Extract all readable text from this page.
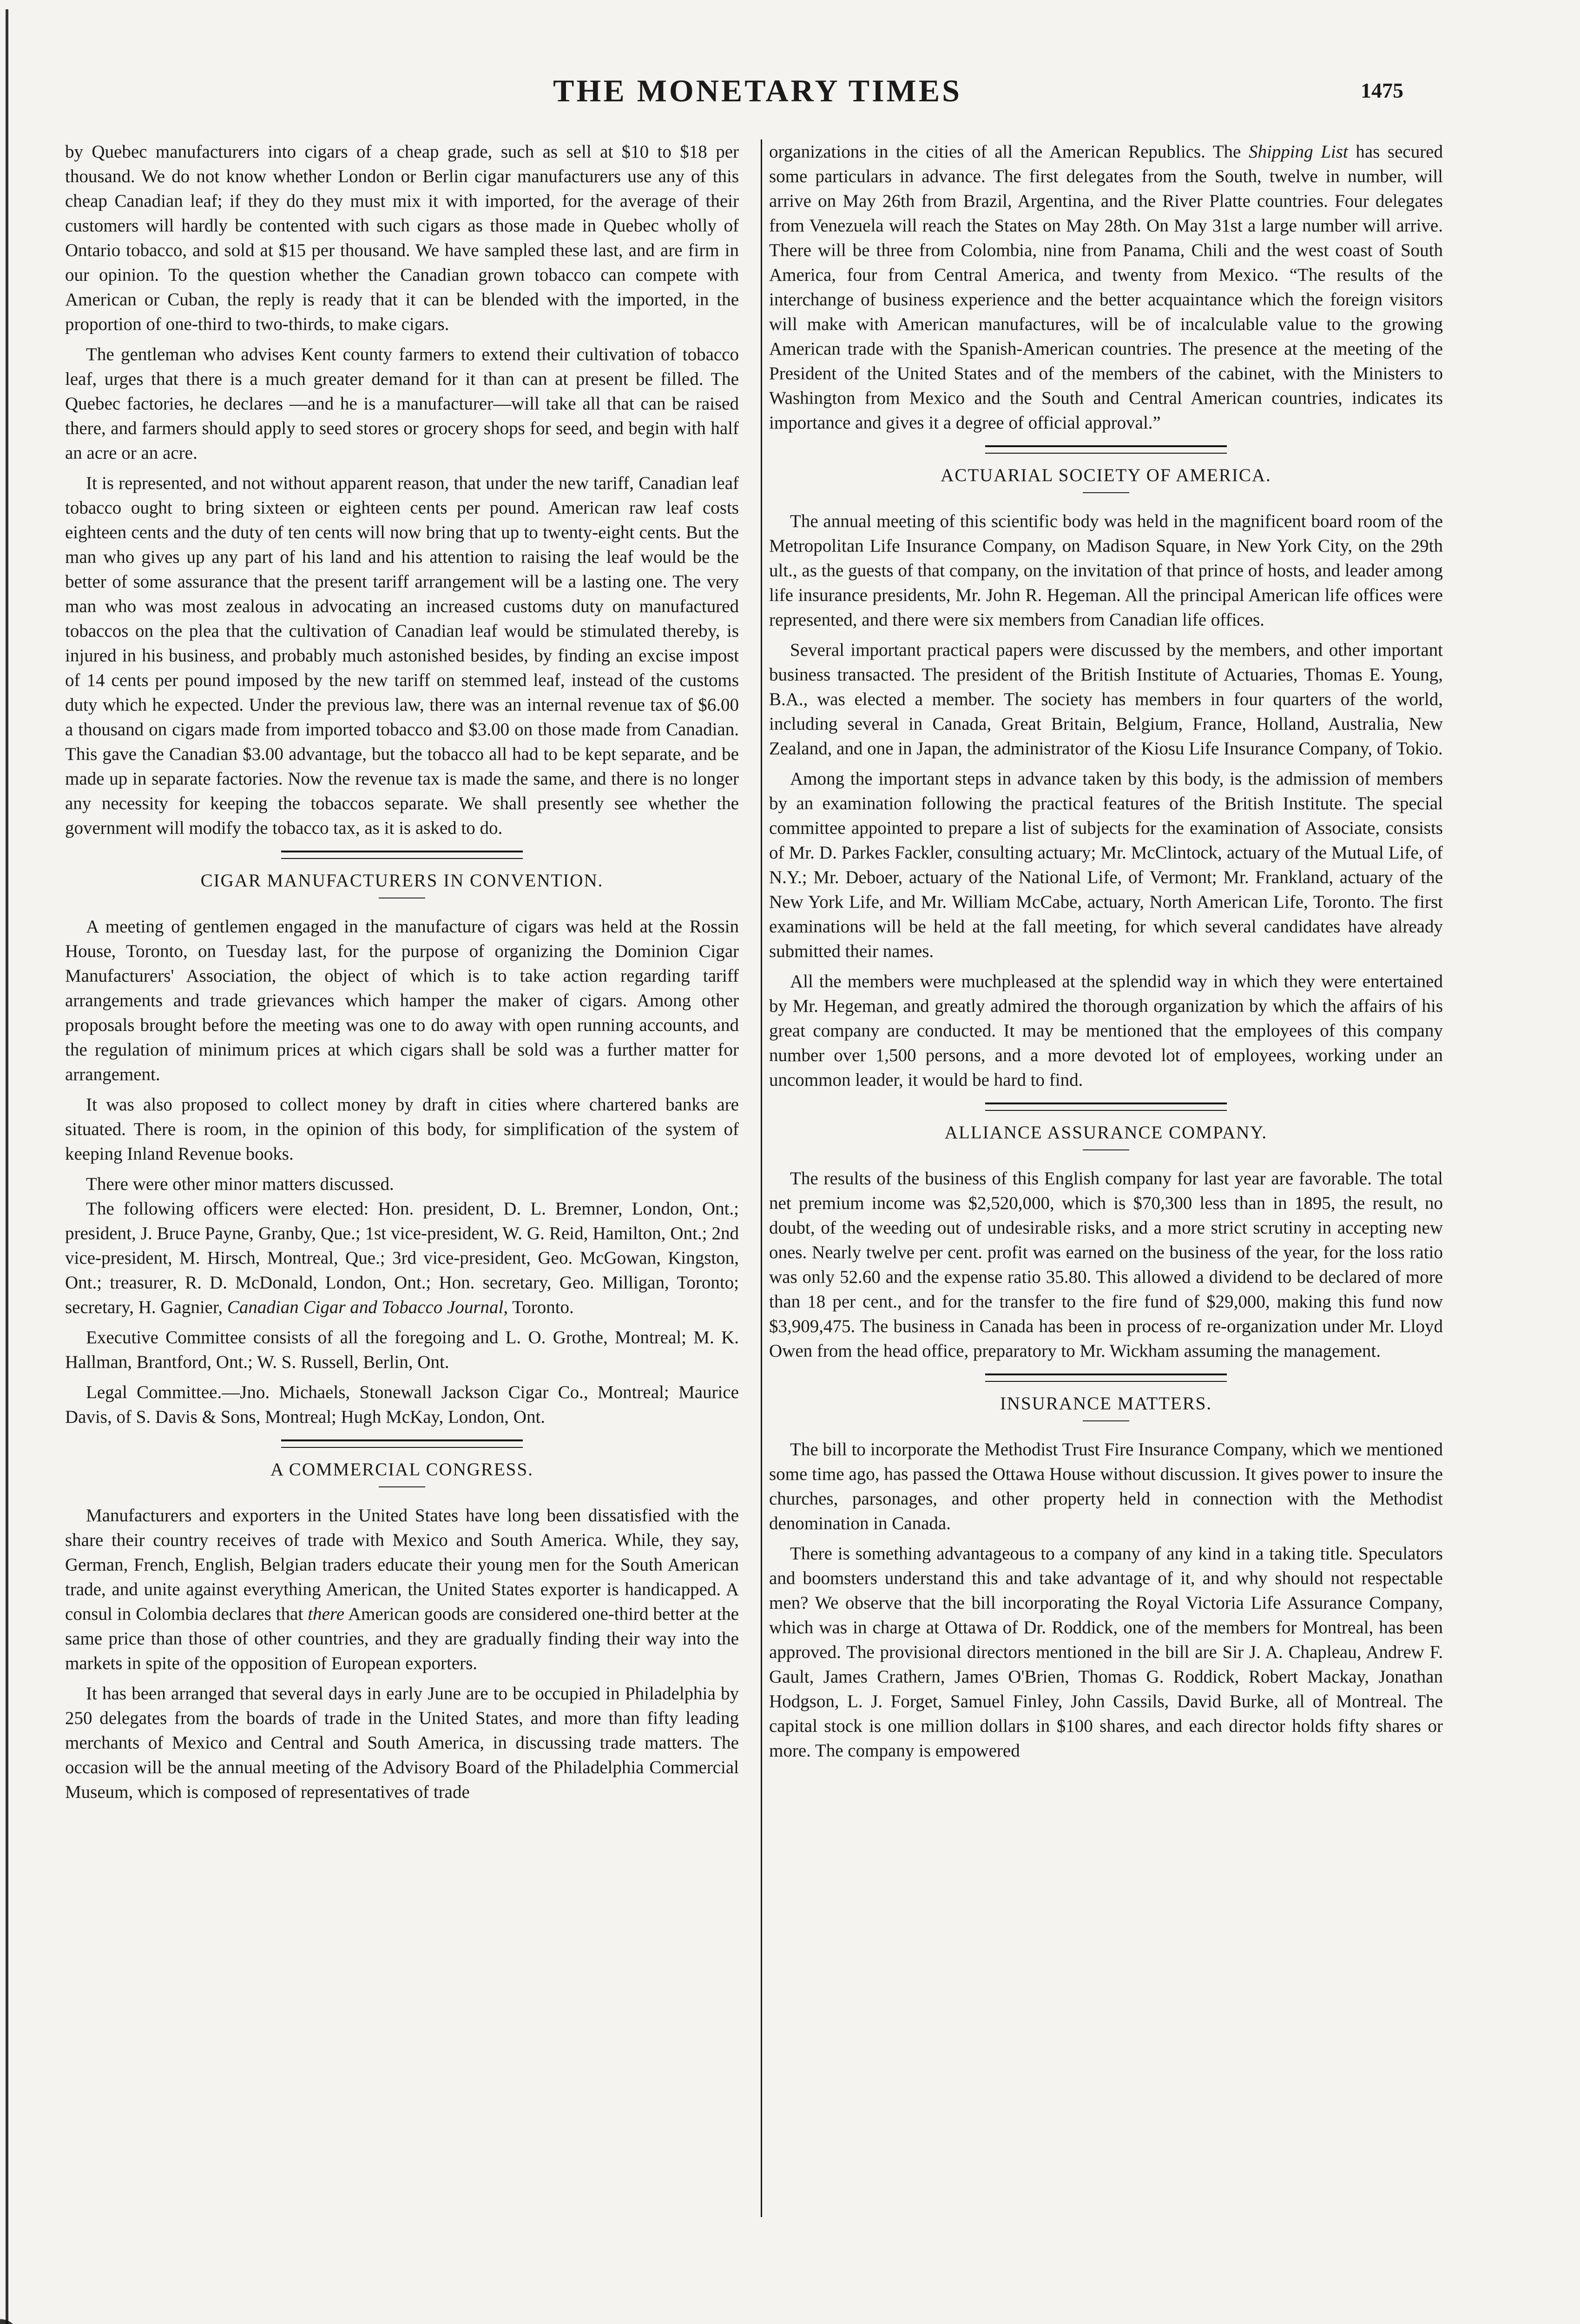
THE MONETARY TIMES	1475

by Quebec manufacturers into cigars of a cheap grade, such as sell at $10 to $18 per thousand. We do not know whether London or Berlin cigar manufacturers use any of this cheap Canadian leaf; if they do they must mix it with imported, for the average of their customers will hardly be contented with such cigars as those made in Quebec wholly of Ontario tobacco, and sold at $15 per thousand. We have sampled these last, and are firm in our opinion. To the question whether the Canadian grown tobacco can compete with American or Cuban, the reply is ready that it can be blended with the imported, in the proportion of one-third to two-thirds, to make cigars.

The gentleman who advises Kent county farmers to extend their cultivation of tobacco leaf, urges that there is a much greater demand for it than can at present be filled. The Quebec factories, he declares —and he is a manufacturer—will take all that can be raised there, and farmers should apply to seed stores or grocery shops for seed, and begin with half an acre or an acre.

It is represented, and not without apparent reason, that under the new tariff, Canadian leaf tobacco ought to bring sixteen or eighteen cents per pound. American raw leaf costs eighteen cents and the duty of ten cents will now bring that up to twenty-eight cents. But the man who gives up any part of his land and his attention to raising the leaf would be the better of some assurance that the present tariff arrangement will be a lasting one. The very man who was most zealous in advocating an increased customs duty on manufactured tobaccos on the plea that the cultivation of Canadian leaf would be stimulated thereby, is injured in his business, and probably much astonished besides, by finding an excise impost of 14 cents per pound imposed by the new tariff on stemmed leaf, instead of the customs duty which he expected. Under the previous law, there was an internal revenue tax of $6.00 a thousand on cigars made from imported tobacco and $3.00 on those made from Canadian. This gave the Canadian $3.00 advantage, but the tobacco all had to be kept separate, and be made up in separate factories. Now the revenue tax is made the same, and there is no longer any necessity for keeping the tobaccos separate. We shall presently see whether the government will modify the tobacco tax, as it is asked to do.

CIGAR MANUFACTURERS IN CONVENTION.

A meeting of gentlemen engaged in the manufacture of cigars was held at the Rossin House, Toronto, on Tuesday last, for the purpose of organizing the Dominion Cigar Manufacturers' Association, the object of which is to take action regarding tariff arrangements and trade grievances which hamper the maker of cigars. Among other proposals brought before the meeting was one to do away with open running accounts, and the regulation of minimum prices at which cigars shall be sold was a further matter for arrangement.

It was also proposed to collect money by draft in cities where chartered banks are situated. There is room, in the opinion of this body, for simplification of the system of keeping Inland Revenue books.

There were other minor matters discussed.

The following officers were elected: Hon. president, D. L. Bremner, London, Ont.; president, J. Bruce Payne, Granby, Que.; 1st vice-president, W. G. Reid, Hamilton, Ont.; 2nd vice-president, M. Hirsch, Montreal, Que.; 3rd vice-president, Geo. McGowan, Kingston, Ont.; treasurer, R. D. McDonald, London, Ont.; Hon. secretary, Geo. Milligan, Toronto; secretary, H. Gagnier, Canadian Cigar and Tobacco Journal, Toronto.

Executive Committee consists of all the foregoing and L. O. Grothe, Montreal; M. K. Hallman, Brantford, Ont.; W. S. Russell, Berlin, Ont.

Legal Committee.—Jno. Michaels, Stonewall Jackson Cigar Co., Montreal; Maurice Davis, of S. Davis & Sons, Montreal; Hugh McKay, London, Ont.

A COMMERCIAL CONGRESS.

Manufacturers and exporters in the United States have long been dissatisfied with the share their country receives of trade with Mexico and South America. While, they say, German, French, English, Belgian traders educate their young men for the South American trade, and unite against everything American, the United States exporter is handicapped. A consul in Colombia declares that there American goods are considered one-third better at the same price than those of other countries, and they are gradually finding their way into the markets in spite of the opposition of European exporters.

It has been arranged that several days in early June are to be occupied in Philadelphia by 250 delegates from the boards of trade in the United States, and more than fifty leading merchants of Mexico and Central and South America, in discussing trade matters. The occasion will be the annual meeting of the Advisory Board of the Philadelphia Commercial Museum, which is composed of representatives of trade

organizations in the cities of all the American Republics. The Shipping List has secured some particulars in advance. The first delegates from the South, twelve in number, will arrive on May 26th from Brazil, Argentina, and the River Platte countries. Four delegates from Venezuela will reach the States on May 28th. On May 31st a large number will arrive. There will be three from Colombia, nine from Panama, Chili and the west coast of South America, four from Central America, and twenty from Mexico. “The results of the interchange of business experience and the better acquaintance which the foreign visitors will make with American manufactures, will be of incalculable value to the growing American trade with the Spanish-American countries. The presence at the meeting of the President of the United States and of the members of the cabinet, with the Ministers to Washington from Mexico and the South and Central American countries, indicates its importance and gives it a degree of official approval.”

ACTUARIAL SOCIETY OF AMERICA.

The annual meeting of this scientific body was held in the magnificent board room of the Metropolitan Life Insurance Company, on Madison Square, in New York City, on the 29th ult., as the guests of that company, on the invitation of that prince of hosts, and leader among life insurance presidents, Mr. John R. Hegeman. All the principal American life offices were represented, and there were six members from Canadian life offices.

Several important practical papers were discussed by the members, and other important business transacted. The president of the British Institute of Actuaries, Thomas E. Young, B.A., was elected a member. The society has members in four quarters of the world, including several in Canada, Great Britain, Belgium, France, Holland, Australia, New Zealand, and one in Japan, the administrator of the Kiosu Life Insurance Company, of Tokio.

Among the important steps in advance taken by this body, is the admission of members by an examination following the practical features of the British Institute. The special committee appointed to prepare a list of subjects for the examination of Associate, consists of Mr. D. Parkes Fackler, consulting actuary; Mr. McClintock, actuary of the Mutual Life, of N.Y.; Mr. Deboer, actuary of the National Life, of Vermont; Mr. Frankland, actuary of the New York Life, and Mr. William McCabe, actuary, North American Life, Toronto. The first examinations will be held at the fall meeting, for which several candidates have already submitted their names.

All the members were muchpleased at the splendid way in which they were entertained by Mr. Hegeman, and greatly admired the thorough organization by which the affairs of his great company are conducted. It may be mentioned that the employees of this company number over 1,500 persons, and a more devoted lot of employees, working under an uncommon leader, it would be hard to find.

ALLIANCE ASSURANCE COMPANY.

The results of the business of this English company for last year are favorable. The total net premium income was $2,520,000, which is $70,300 less than in 1895, the result, no doubt, of the weeding out of undesirable risks, and a more strict scrutiny in accepting new ones. Nearly twelve per cent. profit was earned on the business of the year, for the loss ratio was only 52.60 and the expense ratio 35.80. This allowed a dividend to be declared of more than 18 per cent., and for the transfer to the fire fund of $29,000, making this fund now $3,909,475. The business in Canada has been in process of re-organization under Mr. Lloyd Owen from the head office, preparatory to Mr. Wickham assuming the management.

INSURANCE MATTERS.

The bill to incorporate the Methodist Trust Fire Insurance Company, which we mentioned some time ago, has passed the Ottawa House without discussion. It gives power to insure the churches, parsonages, and other property held in connection with the Methodist denomination in Canada.

There is something advantageous to a company of any kind in a taking title. Speculators and boomsters understand this and take advantage of it, and why should not respectable men? We observe that the bill incorporating the Royal Victoria Life Assurance Company, which was in charge at Ottawa of Dr. Roddick, one of the members for Montreal, has been approved. The provisional directors mentioned in the bill are Sir J. A. Chapleau, Andrew F. Gault, James Crathern, James O'Brien, Thomas G. Roddick, Robert Mackay, Jonathan Hodgson, L. J. Forget, Samuel Finley, John Cassils, David Burke, all of Montreal. The capital stock is one million dollars in $100 shares, and each director holds fifty shares or more. The company is empowered
